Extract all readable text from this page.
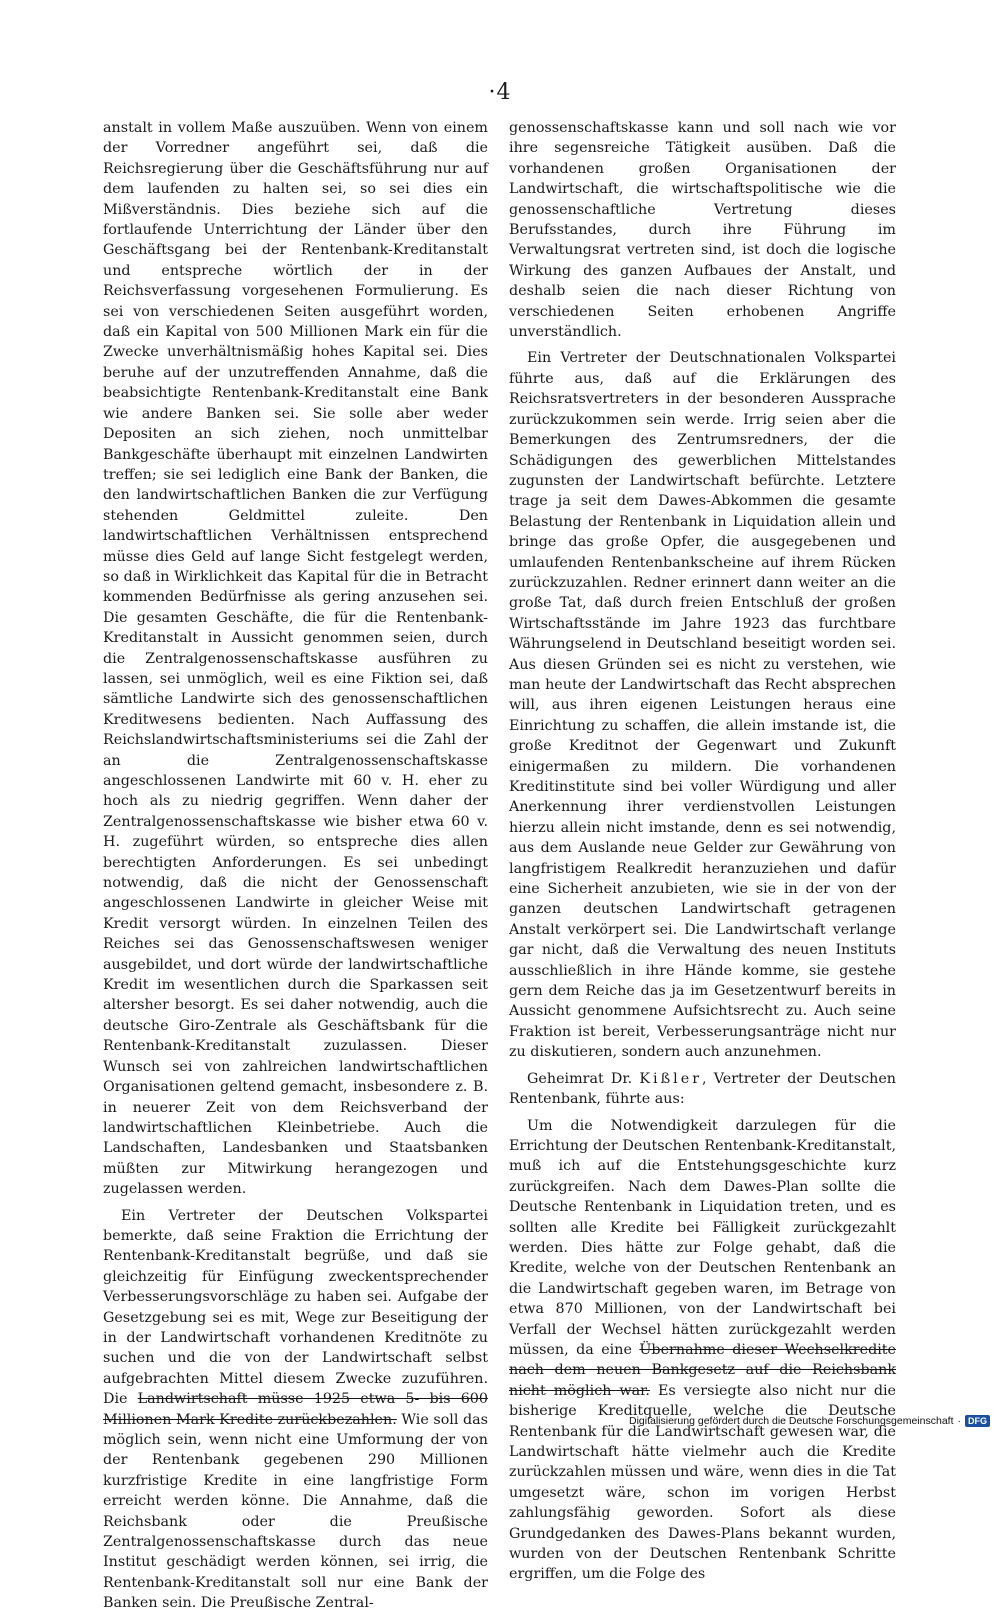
·4

anstalt in vollem Maße auszuüben. Wenn von einem der Vorredner angeführt sei, daß die Reichsregierung über die Geschäftsführung nur auf dem laufenden zu halten sei, so sei dies ein Mißverständnis. Dies beziehe sich auf die fortlaufende Unterrichtung der Länder über den Geschäftsgang bei der Rentenbank-Kreditanstalt und entspreche wörtlich der in der Reichsverfassung vorgesehenen Formulierung. Es sei von verschiedenen Seiten ausgeführt worden, daß ein Kapital von 500 Millionen Mark ein für die Zwecke unverhältnismäßig hohes Kapital sei. Dies beruhe auf der unzutreffenden Annahme, daß die beabsichtigte Rentenbank-Kreditanstalt eine Bank wie andere Banken sei. Sie solle aber weder Depositen an sich ziehen, noch unmittelbar Bankgeschäfte überhaupt mit einzelnen Landwirten treffen; sie sei lediglich eine Bank der Banken, die den landwirtschaftlichen Banken die zur Verfügung stehenden Geldmittel zuleite. Den landwirtschaftlichen Verhältnissen entsprechend müsse dies Geld auf lange Sicht festgelegt werden, so daß in Wirklichkeit das Kapital für die in Betracht kommenden Bedürfnisse als gering anzusehen sei. Die gesamten Geschäfte, die für die Rentenbank-Kreditanstalt in Aussicht genommen seien, durch die Zentralgenossenschaftskasse ausführen zu lassen, sei unmöglich, weil es eine Fiktion sei, daß sämtliche Landwirte sich des genossenschaftlichen Kreditwesens bedienten. Nach Auffassung des Reichslandwirtschaftsministeriums sei die Zahl der an die Zentralgenossenschaftskasse angeschlossenen Landwirte mit 60 v. H. eher zu hoch als zu niedrig gegriffen. Wenn daher der Zentralgenossenschaftskasse wie bisher etwa 60 v. H. zugeführt würden, so entspreche dies allen berechtigten Anforderungen. Es sei unbedingt notwendig, daß die nicht der Genossenschaft angeschlossenen Landwirte in gleicher Weise mit Kredit versorgt würden. In einzelnen Teilen des Reiches sei das Genossenschaftswesen weniger ausgebildet, und dort würde der landwirtschaftliche Kredit im wesentlichen durch die Sparkassen seit altersher besorgt. Es sei daher notwendig, auch die deutsche Giro-Zentrale als Geschäftsbank für die Rentenbank-Kreditanstalt zuzulassen. Dieser Wunsch sei von zahlreichen landwirtschaftlichen Organisationen geltend gemacht, insbesondere z. B. in neuerer Zeit von dem Reichsverband der landwirtschaftlichen Kleinbetriebe. Auch die Landschaften, Landesbanken und Staatsbanken müßten zur Mitwirkung herangezogen und zugelassen werden.

Ein Vertreter der Deutschen Volkspartei bemerkte, daß seine Fraktion die Errichtung der Rentenbank-Kreditanstalt begrüße, und daß sie gleichzeitig für Einfügung zweckentsprechender Verbesserungsvorschläge zu haben sei. Aufgabe der Gesetzgebung sei es mit, Wege zur Beseitigung der in der Landwirtschaft vorhandenen Kreditnöte zu suchen und die von der Landwirtschaft selbst aufgebrachten Mittel diesem Zwecke zuzuführen. Die Landwirtschaft müsse 1925 etwa 5- bis 600 Millionen Mark Kredite zurückbezahlen. Wie soll das möglich sein, wenn nicht eine Umformung der von der Rentenbank gegebenen 290 Millionen kurzfristige Kredite in eine langfristige Form erreicht werden könne. Die Annahme, daß die Reichsbank oder die Preußische Zentralgenossenschaftskasse durch das neue Institut geschädigt werden können, sei irrig, die Rentenbank-Kreditanstalt soll nur eine Bank der Banken sein. Die Preußische Zentral-

genossenschaftskasse kann und soll nach wie vor ihre segensreiche Tätigkeit ausüben. Daß die vorhandenen großen Organisationen der Landwirtschaft, die wirtschaftspolitische wie die genossenschaftliche Vertretung dieses Berufsstandes, durch ihre Führung im Verwaltungsrat vertreten sind, ist doch die logische Wirkung des ganzen Aufbaues der Anstalt, und deshalb seien die nach dieser Richtung von verschiedenen Seiten erhobenen Angriffe unverständlich.

Ein Vertreter der Deutschnationalen Volkspartei führte aus, daß auf die Erklärungen des Reichsratsvertreters in der besonderen Aussprache zurückzukommen sein werde. Irrig seien aber die Bemerkungen des Zentrumsredners, der die Schädigungen des gewerblichen Mittelstandes zugunsten der Landwirtschaft befürchte. Letztere trage ja seit dem Dawes-Abkommen die gesamte Belastung der Rentenbank in Liquidation allein und bringe das große Opfer, die ausgegebenen und umlaufenden Rentenbankscheine auf ihrem Rücken zurückzuzahlen. Redner erinnert dann weiter an die große Tat, daß durch freien Entschluß der großen Wirtschaftsstände im Jahre 1923 das furchtbare Währungselend in Deutschland beseitigt worden sei. Aus diesen Gründen sei es nicht zu verstehen, wie man heute der Landwirtschaft das Recht absprechen will, aus ihren eigenen Leistungen heraus eine Einrichtung zu schaffen, die allein imstande ist, die große Kreditnot der Gegenwart und Zukunft einigermaßen zu mildern. Die vorhandenen Kreditinstitute sind bei voller Würdigung und aller Anerkennung ihrer verdienstvollen Leistungen hierzu allein nicht imstande, denn es sei notwendig, aus dem Auslande neue Gelder zur Gewährung von langfristigem Realkredit heranzuziehen und dafür eine Sicherheit anzubieten, wie sie in der von der ganzen deutschen Landwirtschaft getragenen Anstalt verkörpert sei. Die Landwirtschaft verlange gar nicht, daß die Verwaltung des neuen Instituts ausschließlich in ihre Hände komme, sie gestehe gern dem Reiche das ja im Gesetzentwurf bereits in Aussicht genommene Aufsichtsrecht zu. Auch seine Fraktion ist bereit, Verbesserungsanträge nicht nur zu diskutieren, sondern auch anzunehmen.

Geheimrat Dr. Kißler, Vertreter der Deutschen Rentenbank, führte aus:

Um die Notwendigkeit darzulegen für die Errichtung der Deutschen Rentenbank-Kreditanstalt, muß ich auf die Entstehungsgeschichte kurz zurückgreifen. Nach dem Dawes-Plan sollte die Deutsche Rentenbank in Liquidation treten, und es sollten alle Kredite bei Fälligkeit zurückgezahlt werden. Dies hätte zur Folge gehabt, daß die Kredite, welche von der Deutschen Rentenbank an die Landwirtschaft gegeben waren, im Betrage von etwa 870 Millionen, von der Landwirtschaft bei Verfall der Wechsel hätten zurückgezahlt werden müssen, da eine Übernahme dieser Wechselkredite nach dem neuen Bankgesetz auf die Reichsbank nicht möglich war. Es versiegte also nicht nur die bisherige Kreditquelle, welche die Deutsche Rentenbank für die Landwirtschaft gewesen war, die Landwirtschaft hätte vielmehr auch die Kredite zurückzahlen müssen und wäre, wenn dies in die Tat umgesetzt wäre, schon im vorigen Herbst zahlungsfähig geworden. Sofort als diese Grundgedanken des Dawes-Plans bekannt wurden, wurden von der Deutschen Rentenbank Schritte ergriffen, um die Folge des

Digitalisierung gefördert durch die Deutsche Forschungsgemeinschaft · DFG
